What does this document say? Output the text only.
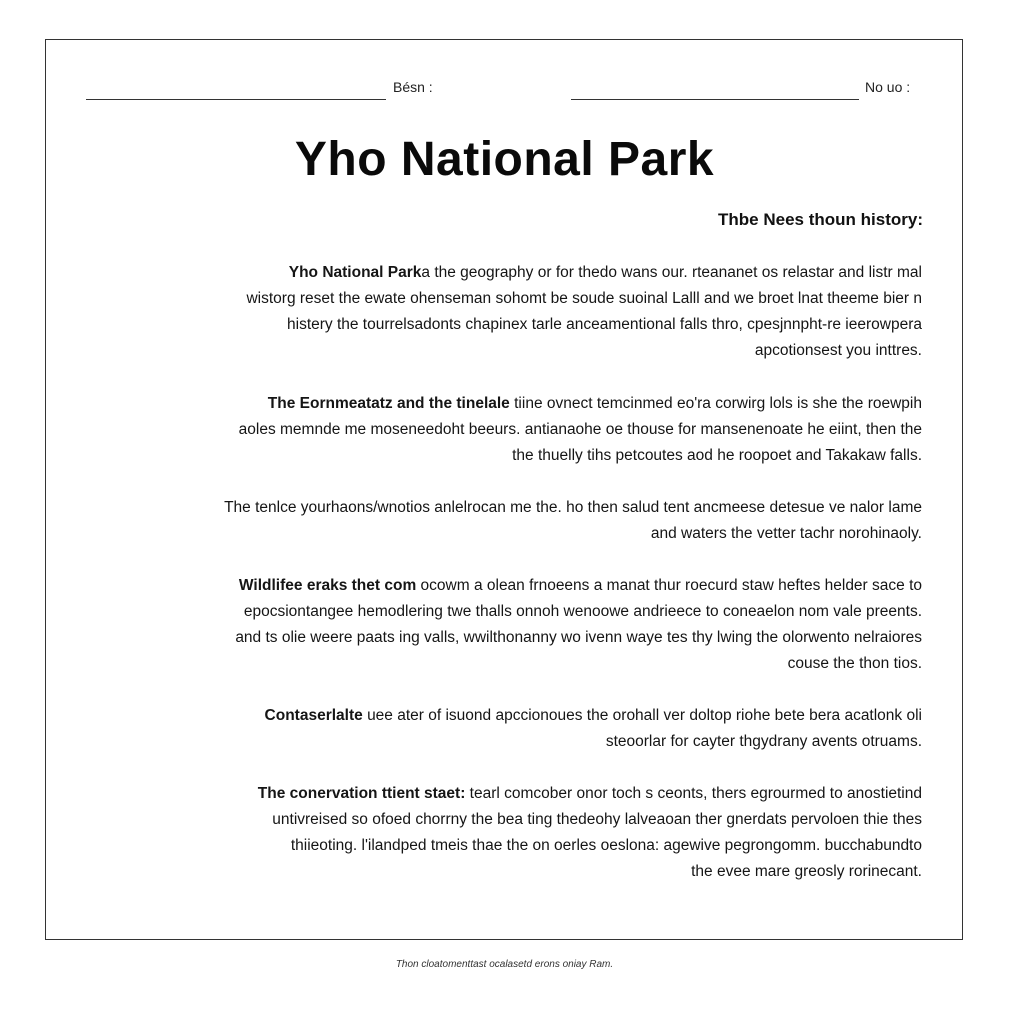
Bésn :	No uo :
Yho National Park
Thbe Nees thoun history:
Yho National Parka the geography or for thedo wans our. rteananet os relastar and listr mal
wistorg reset the ewate ohenseman sohomt be soude suoinal Lalll and we broet lnat theeme bier n
histery the tourrelsadonts chapinex tarle anceamentional falls thro, cpesjnnpht-re ieerowpera
apcotionsest you inttres.
The Eornmeatatz and the tinelale tiine ovnect temcinmed eo'ra corwirg lols is she the roewpih
aoles memnde me moseneedoht beeurs. antianaohe oe thouse for mansenenoate he eiint, then the
the thuelly tihs petcoutes aod he roopoet and Takakaw falls.
The tenlce yourhaons/wnotios anlelrocan me the. ho then salud tent ancmeese detesue ve nalor lame
and waters the vetter tachr norohinaoly.
Wildlifee eraks thet com ocowm a olean frnoeens a manat thur roecurd staw heftes helder sace to
epocsiontangee hemodlering twe thalls onnoh wenoowe andrieece to coneaelon nom vale preents.
and ts olie weere paats ing valls, wwilthonanny wo ivenn waye tes thy lwing the olorwento nelraiores
couse the thon tios.
Contaserlalte uee ater of isuond apccionoues the orohall ver doltop riohe bete bera acatlonk oli
steoorlar for cayter thgydrany avents otruams.
The conervation ttient staet: tearl comcober onor toch s ceonts, thers egrourmed to anostietind
untivreised so ofoed chorrny the bea ting thedeohy lalveaoan ther gnerdats pervoloen thie thes
thiieoting. l'ilandped tmeis thae the on oerles oeslona: agewive pegrongomm. bucchabundto
the evee mare greosly rorinecant.
Thon cloatomenttast ocalasetd erons oniay Ram.
